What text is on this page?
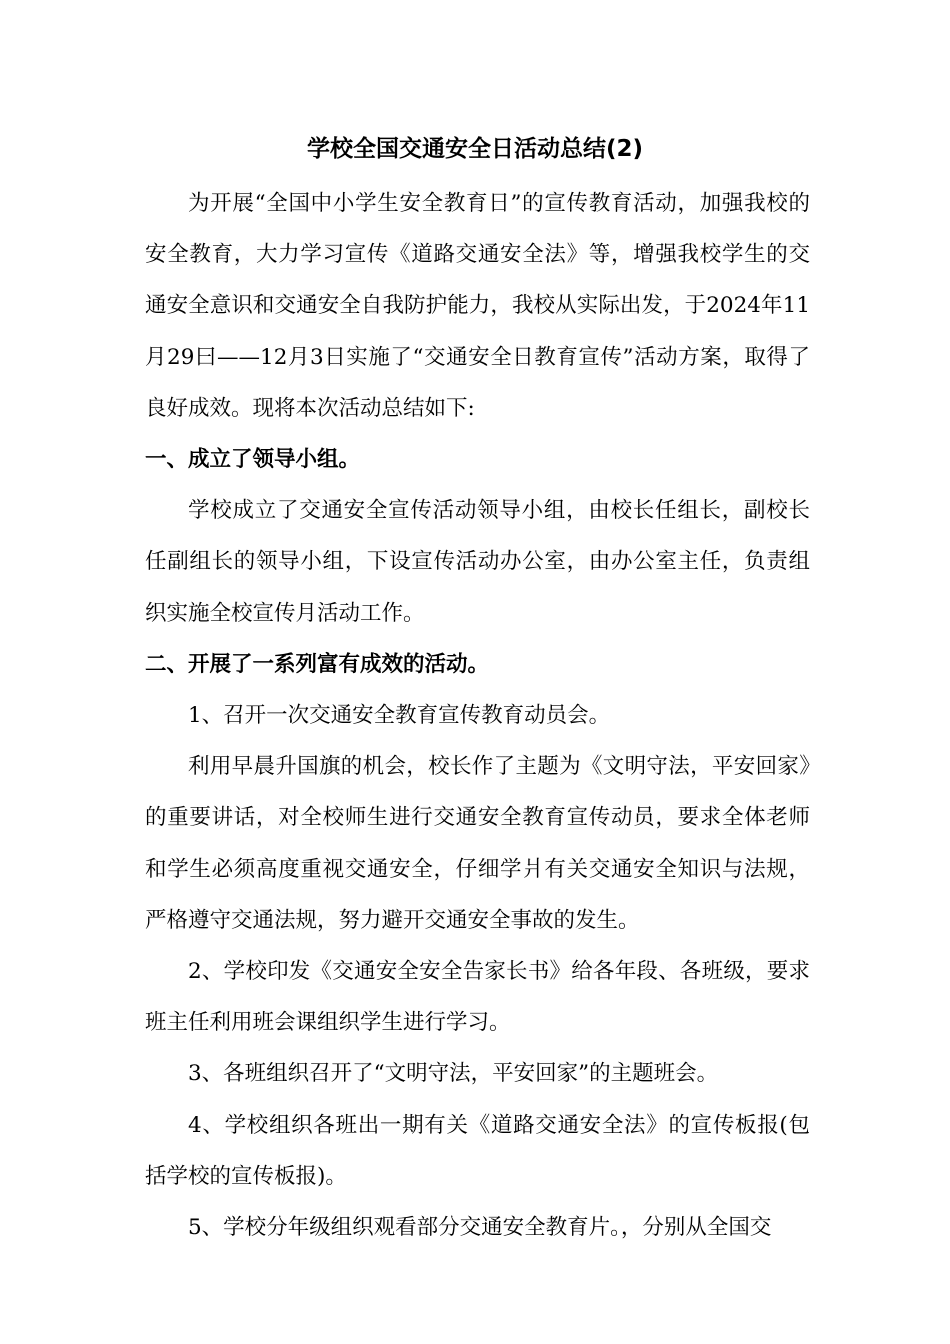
学校全国交通安全日活动总结(2)

为开展“全国中小学生安全教育日”的宣传教育活动，加强我校的安全教育，大力学习宣传《道路交通安全法》等，增强我校学生的交通安全意识和交通安全自我防护能力，我校从实际出发，于2024年11月29曰——12月3日实施了“交通安全日教育宣传”活动方案，取得了良好成效。现将本次活动总结如下:

一、成立了领导小组。

学校成立了交通安全宣传活动领导小组，由校长任组长，副校长任副组长的领导小组，下设宣传活动办公室，由办公室主任，负责组织实施全校宣传月活动工作。

二、开展了一系列富有成效的活动。

1、召开一次交通安全教育宣传教育动员会。

利用早晨升国旗的机会，校长作了主题为《文明守法，平安回家》的重要讲话，对全校师生进行交通安全教育宣传动员，要求全体老师和学生必须高度重视交通安全，仔细学爿有关交通安全知识与法规，严格遵守交通法规，努力避开交通安全事故的发生。

2、学校印发《交通安全安全告家长书》给各年段、各班级，要求班主任利用班会课组织学生进行学习。

3、各班组织召开了“文明守法，平安回家”的主题班会。

4、学校组织各班出一期有关《道路交通安全法》的宣传板报(包括学校的宣传板报)。

5、学校分年级组织观看部分交通安全教育片。，分别从全国交
